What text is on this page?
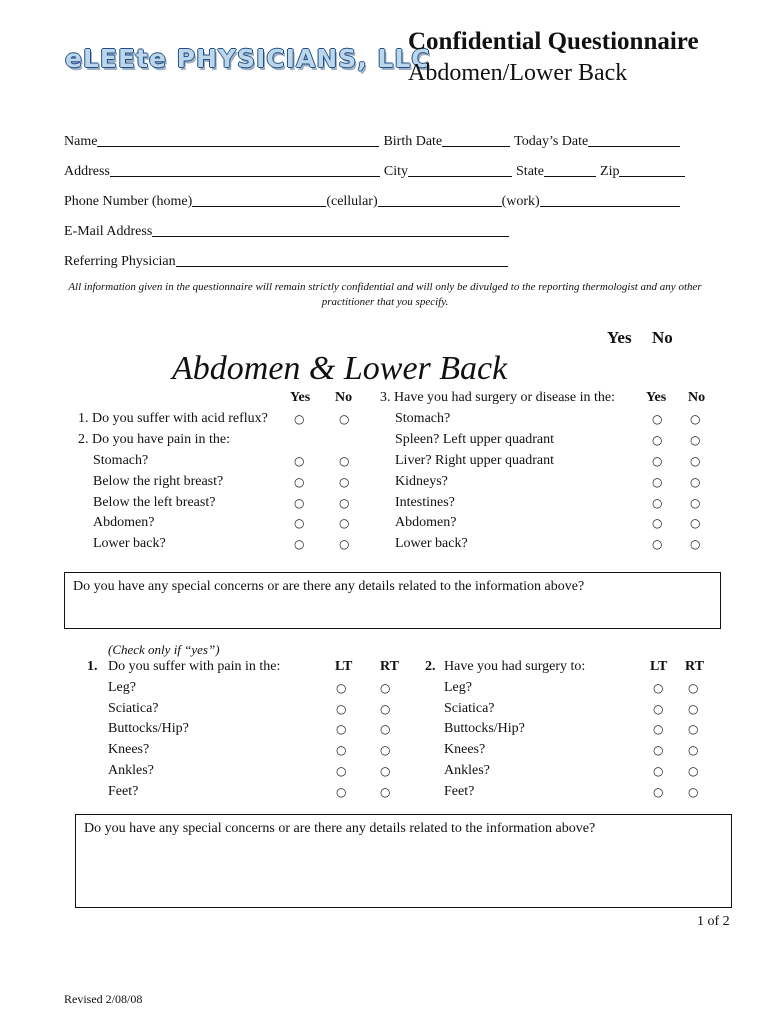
eLEEte PHYSICIANS, LLC
Confidential Questionnaire
Abdomen/Lower Back
Name	Birth Date	Today’s Date
Address	City	State	Zip
Phone Number (home)	(cellular)	(work)
E-Mail Address
Referring Physician
All information given in the questionnaire will remain strictly confidential and will only be divulged to the reporting thermologist and any other practitioner that you specify.
Yes No
Abdomen & Lower Back
Yes No	Yes No
1. Do you suffer with acid reflux? ○	○
2. Do you have pain in the:
Stomach?	○	○
Below the right breast?	○	○
Below the left breast?	○	○
Abdomen?	○	○
Lower back?	○	○
3. Have you had surgery or disease in the:
Stomach?	○ ○
Spleen? Left upper quadrant	○ ○
Liver? Right upper quadrant	○ ○
Kidneys?	○ ○
Intestines?	○ ○
Abdomen?	○ ○
Lower back?	○ ○
Do you have any special concerns or are there any details related to the information above?
(Check only if “yes”)
1. Do you suffer with pain in the:	LT RT 2. Have you had surgery to:	LT RT
Leg?	○	○
Sciatica?	○	○
Buttocks/Hip?	○	○
Knees?	○	○
Ankles?	○	○
Feet?	○	○
Leg?	○ ○
Sciatica?	○ ○
Buttocks/Hip?	○ ○
Knees?	○ ○
Ankles?	○ ○
Feet?	○ ○
Do you have any special concerns or are there any details related to the information above?
1 of 2
Revised 2/08/08
